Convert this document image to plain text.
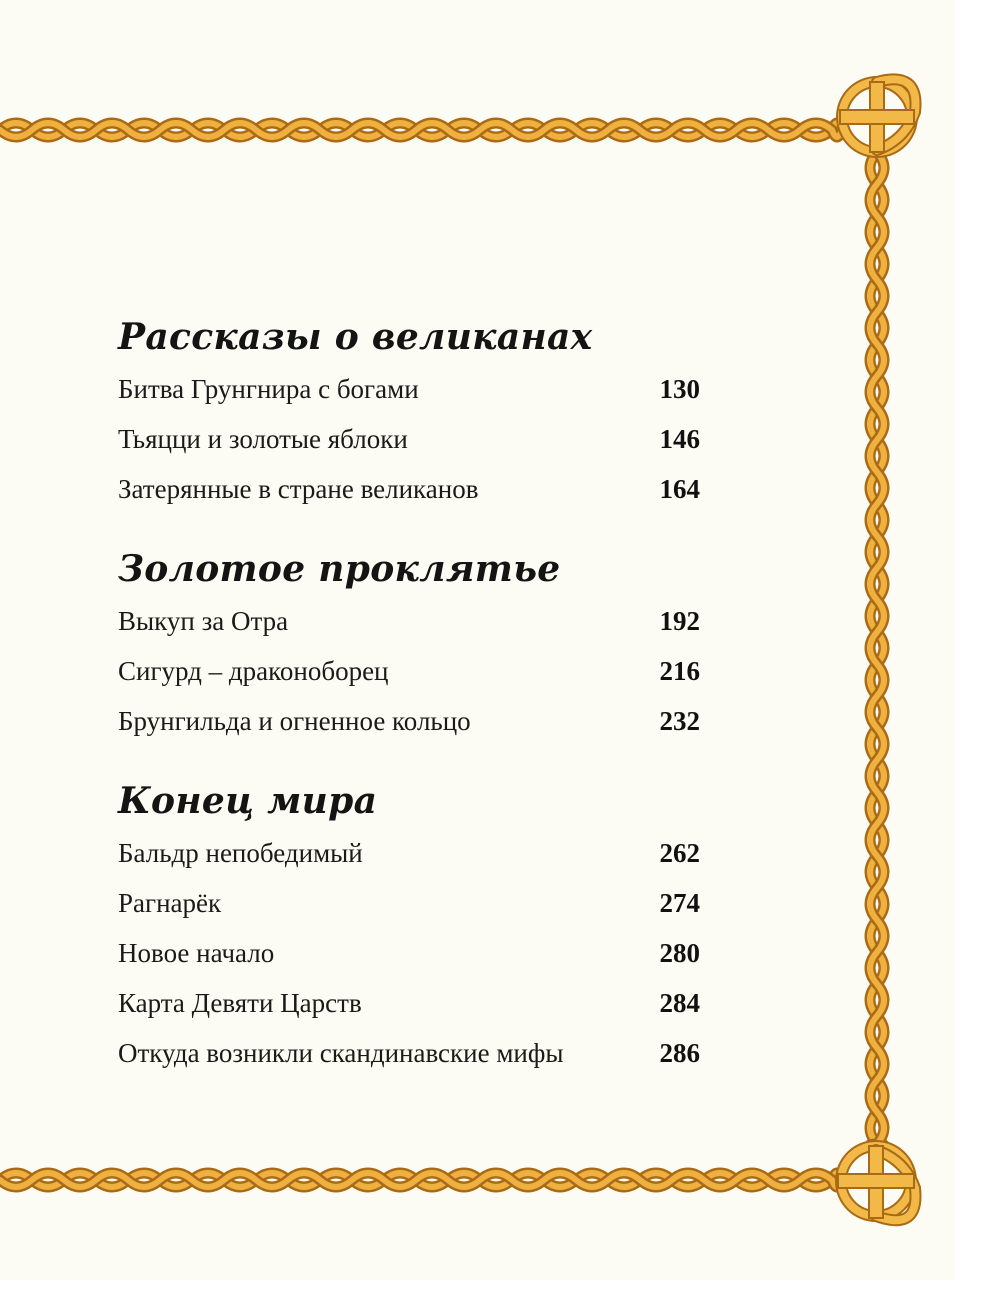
Рассказы о великанах
Битва Грунгнира с богами	130
Тьяцци и золотые яблоки	146
Затерянные в стране великанов	164
Золотое проклятье
Выкуп за Отра	192
Сигурд – драконоборец	216
Брунгильда и огненное кольцо	232
Конец мира
Бальдр непобедимый	262
Рагнарёк	274
Новое начало	280
Карта Девяти Царств	284
Откуда возникли скандинавские мифы	286
